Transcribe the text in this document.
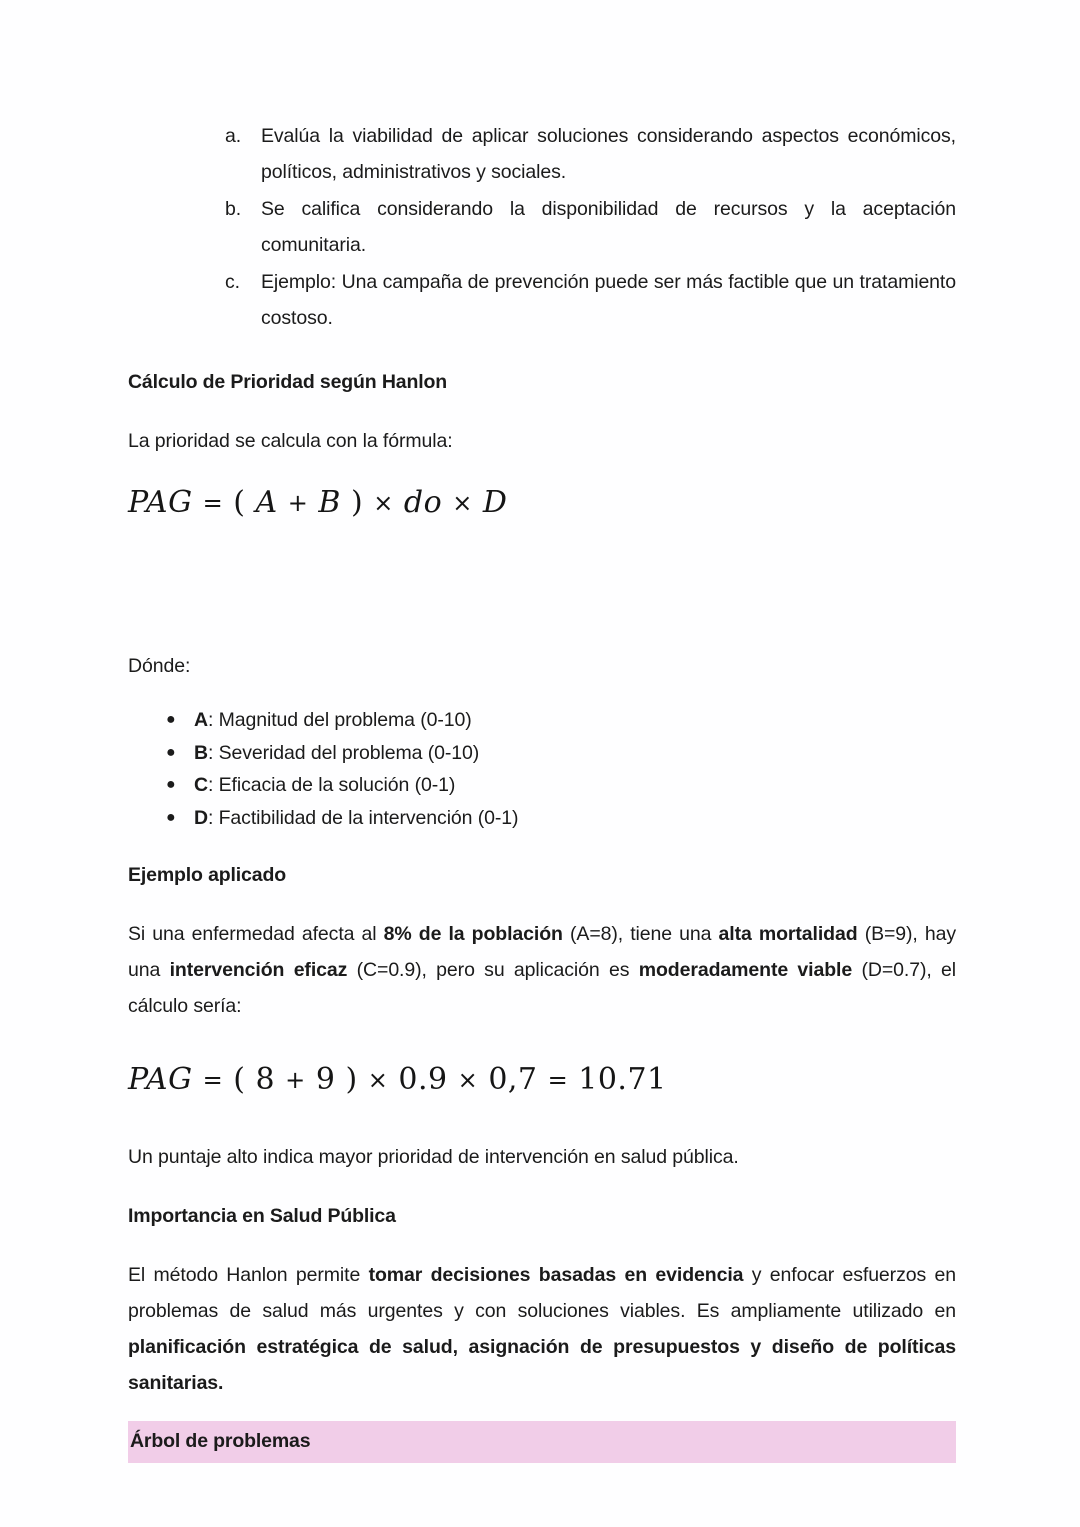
a.	Evalúa la viabilidad de aplicar soluciones considerando aspectos económicos, políticos, administrativos y sociales.
b.	Se califica considerando la disponibilidad de recursos y la aceptación comunitaria.
c.	Ejemplo: Una campaña de prevención puede ser más factible que un tratamiento costoso.
Cálculo de Prioridad según Hanlon

La prioridad se calcula con la fórmula:

PAG = ( A + B ) × do × D

Dónde:

● A: Magnitud del problema (0-10)
● B: Severidad del problema (0-10)
● C: Eficacia de la solución (0-1)
● D: Factibilidad de la intervención (0-1)
Ejemplo aplicado

Si una enfermedad afecta al 8% de la población (A=8), tiene una alta mortalidad (B=9), hay una intervención eficaz (C=0.9), pero su aplicación es moderadamente viable (D=0.7), el cálculo sería:

PAG = ( 8 + 9 ) × 0.9 × 0,7 = 10.71

Un puntaje alto indica mayor prioridad de intervención en salud pública.

Importancia en Salud Pública

El método Hanlon permite tomar decisiones basadas en evidencia y enfocar esfuerzos en problemas de salud más urgentes y con soluciones viables. Es ampliamente utilizado en planificación estratégica de salud, asignación de presupuestos y diseño de políticas sanitarias.

Árbol de problemas
